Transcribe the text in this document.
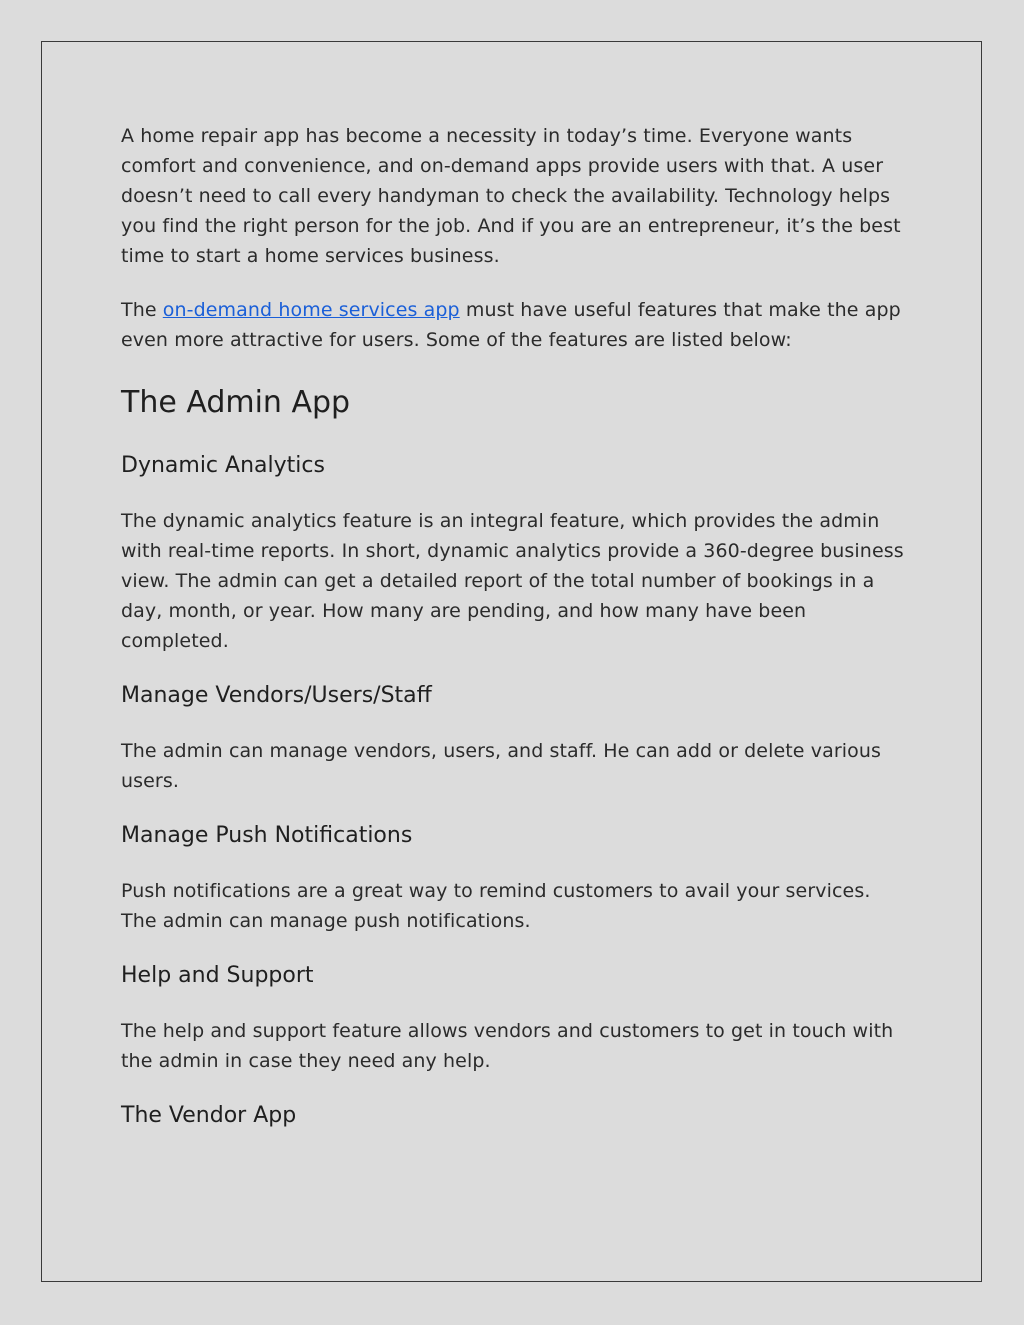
A home repair app has become a necessity in today’s time. Everyone wants comfort and convenience, and on-demand apps provide users with that. A user doesn’t need to call every handyman to check the availability. Technology helps you find the right person for the job. And if you are an entrepreneur, it’s the best time to start a home services business.

The on-demand home services app must have useful features that make the app even more attractive for users. Some of the features are listed below:

The Admin App
Dynamic Analytics

The dynamic analytics feature is an integral feature, which provides the admin with real-time reports. In short, dynamic analytics provide a 360-degree business view. The admin can get a detailed report of the total number of bookings in a day, month, or year. How many are pending, and how many have been completed.

Manage Vendors/Users/Staff

The admin can manage vendors, users, and staff. He can add or delete various users.

Manage Push Notifications

Push notifications are a great way to remind customers to avail your services. The admin can manage push notifications.

Help and Support

The help and support feature allows vendors and customers to get in touch with the admin in case they need any help.

The Vendor App
